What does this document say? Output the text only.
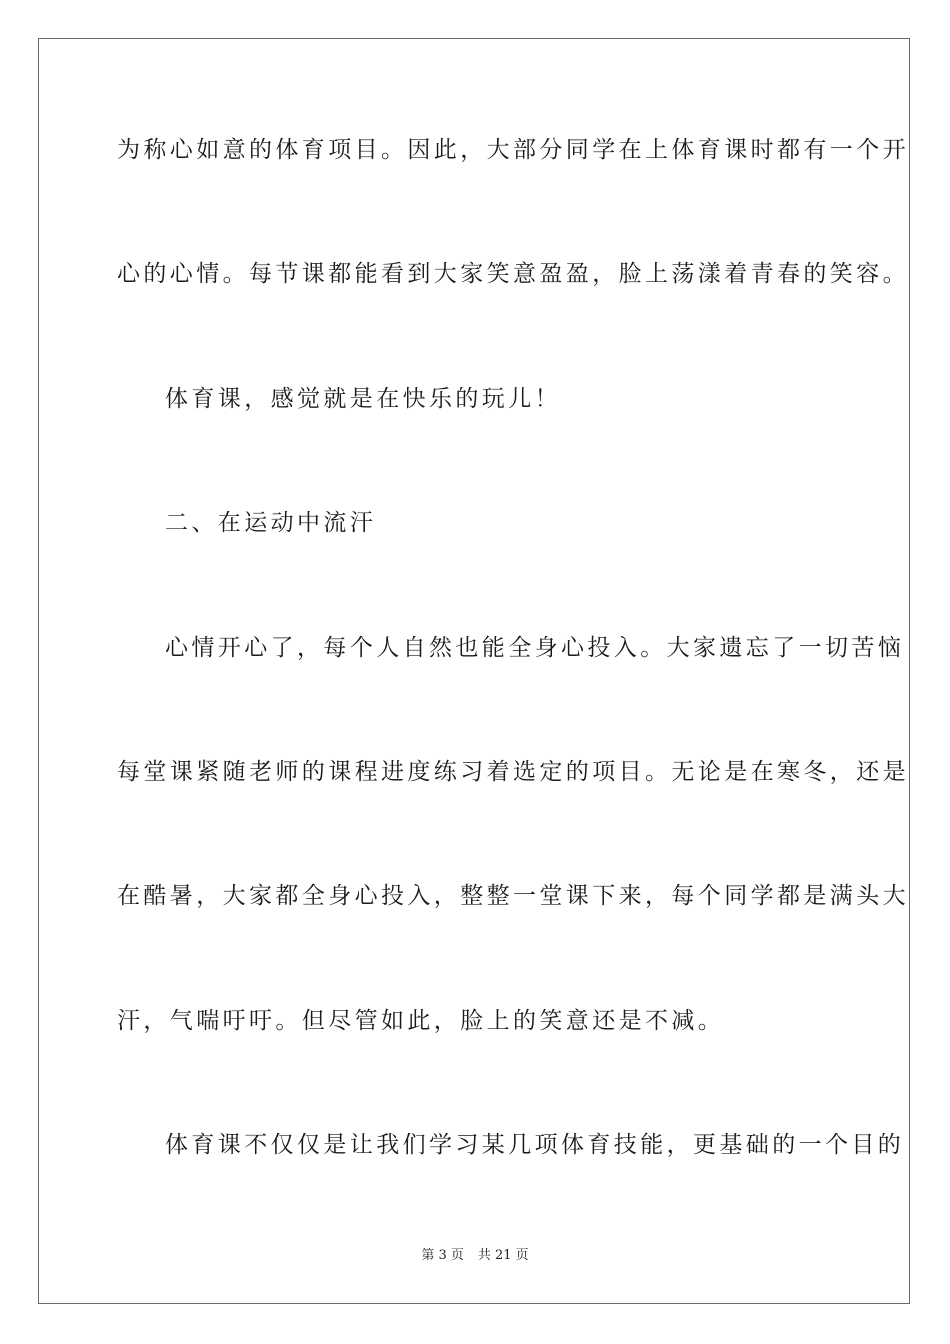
为称心如意的体育项目。因此，大部分同学在上体育课时都有一个开
心的心情。每节课都能看到大家笑意盈盈，脸上荡漾着青春的笑容。
体育课，感觉就是在快乐的玩儿！
二、在运动中流汗
心情开心了，每个人自然也能全身心投入。大家遗忘了一切苦恼
每堂课紧随老师的课程进度练习着选定的项目。无论是在寒冬，还是
在酷暑，大家都全身心投入，整整一堂课下来，每个同学都是满头大
汗，气喘吁吁。但尽管如此，脸上的笑意还是不减。
体育课不仅仅是让我们学习某几项体育技能，更基础的一个目的
第 3 页 共 21 页
